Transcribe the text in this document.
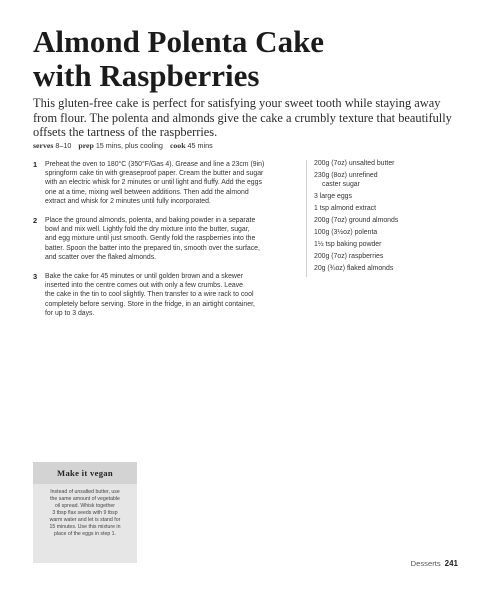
Almond Polenta Cake
with Raspberries

This gluten-free cake is perfect for satisfying your sweet tooth while staying away from flour. The polenta and almonds give the cake a crumbly texture that beautifully offsets the tartness of the raspberries.

serves 8–10 prep 15 mins, plus cooling cook 45 mins
1 Preheat the oven to 180°C (350°F/Gas 4). Grease and line a 23cm (9in)
springform cake tin with greaseproof paper. Cream the butter and sugar
with an electric whisk for 2 minutes or until light and fluffy. Add the eggs
one at a time, mixing well between additions. Then add the almond
extract and whisk for 2 minutes until fully incorporated.
2 Place the ground almonds, polenta, and baking powder in a separate
bowl and mix well. Lightly fold the dry mixture into the butter, sugar,
and egg mixture until just smooth. Gently fold the raspberries into the
batter. Spoon the batter into the prepared tin, smooth over the surface,
and scatter over the flaked almonds.
3 Bake the cake for 45 minutes or until golden brown and a skewer
inserted into the centre comes out with only a few crumbs. Leave
the cake in the tin to cool slightly. Then transfer to a wire rack to cool
completely before serving. Store in the fridge, in an airtight container,
for up to 3 days.
200g (7oz) unsalted butter
230g (8oz) unrefined
caster sugar
3 large eggs
1 tsp almond extract
200g (7oz) ground almonds
100g (3½oz) polenta
1½ tsp baking powder
200g (7oz) raspberries
20g (¾oz) flaked almonds
Make it vegan
Instead of unsalted butter, use
the same amount of vegetable
oil spread. Whisk together
3 tbsp flax seeds with 9 tbsp
warm water and let is stand for
15 minutes. Use this mixture in
place of the eggs in step 1.
Desserts 241
